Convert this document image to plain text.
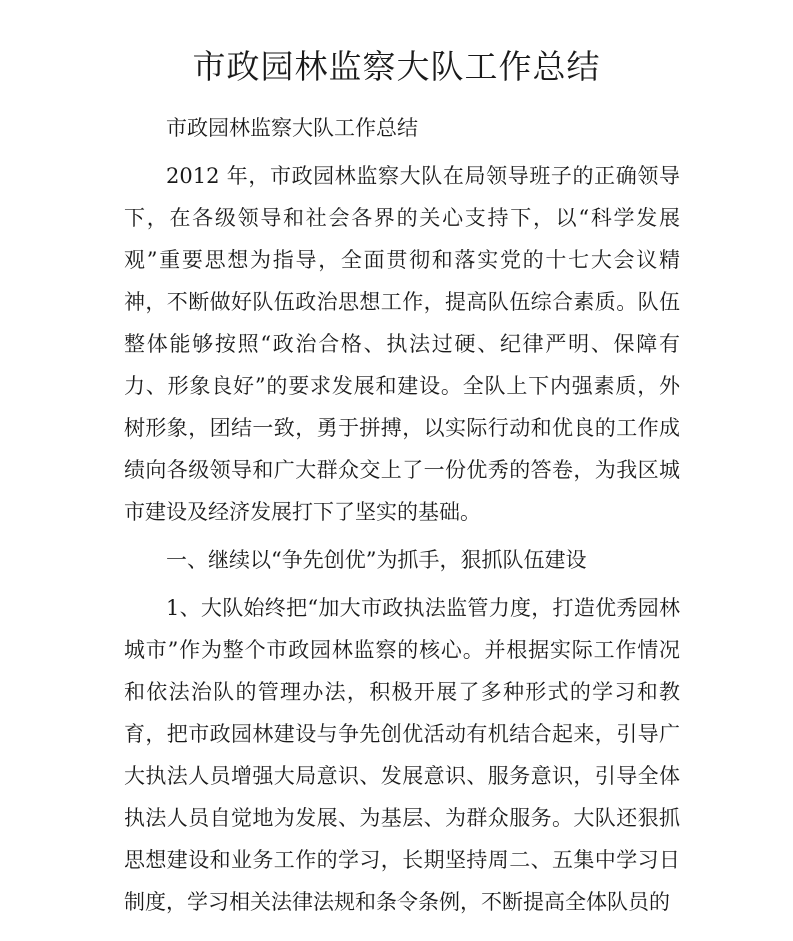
市政园林监察大队工作总结

市政园林监察大队工作总结

2012 年，市政园林监察大队在局领导班子的正确领导下，在各级领导和社会各界的关心支持下，以“科学发展观”重要思想为指导，全面贯彻和落实党的十七大会议精神，不断做好队伍政治思想工作，提高队伍综合素质。队伍整体能够按照“政治合格、执法过硬、纪律严明、保障有力、形象良好”的要求发展和建设。全队上下内强素质，外树形象，团结一致，勇于拼搏，以实际行动和优良的工作成绩向各级领导和广大群众交上了一份优秀的答卷，为我区城市建设及经济发展打下了坚实的基础。

一、继续以“争先创优”为抓手，狠抓队伍建设

1、大队始终把“加大市政执法监管力度，打造优秀园林城市”作为整个市政园林监察的核心。并根据实际工作情况和依法治队的管理办法，积极开展了多种形式的学习和教育，把市政园林建设与争先创优活动有机结合起来，引导广大执法人员增强大局意识、发展意识、服务意识，引导全体执法人员自觉地为发展、为基层、为群众服务。大队还狠抓思想建设和业务工作的学习，长期坚持周二、五集中学习日制度，学习相关法律法规和条令条例，不断提高全体队员的
